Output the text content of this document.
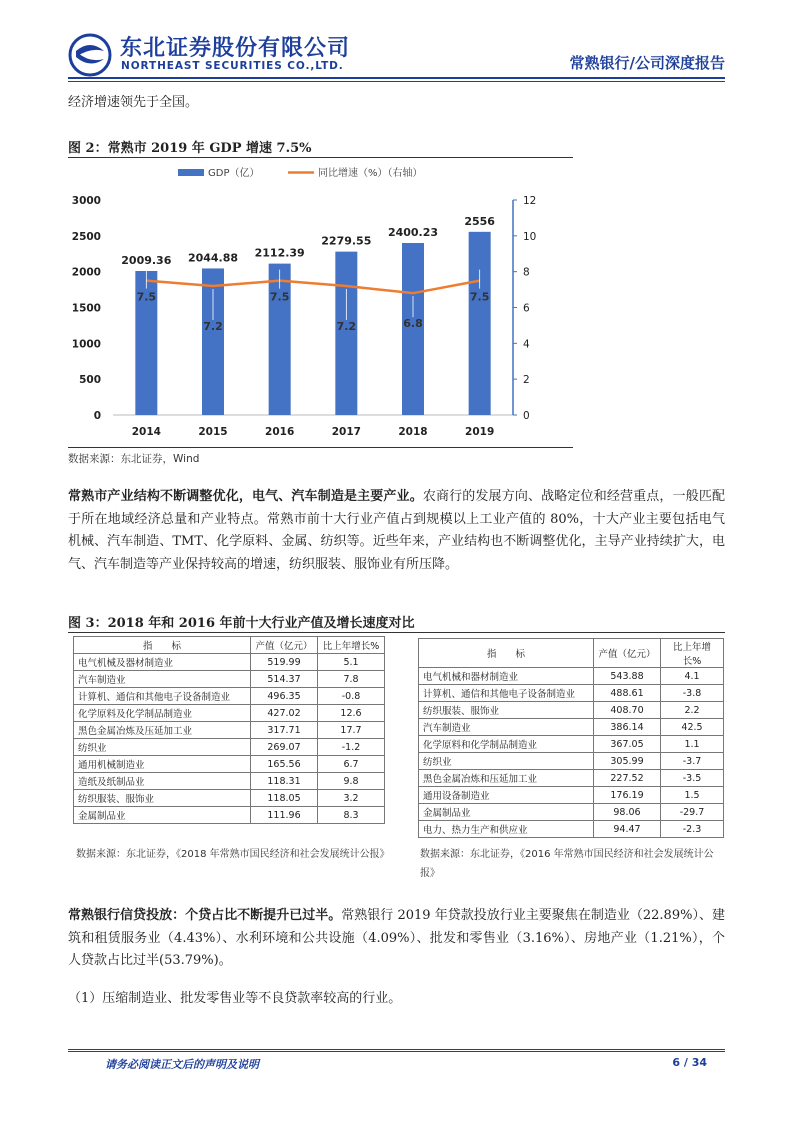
东北证券股份有限公司
NORTHEAST SECURITIES CO.,LTD.	常熟银行/公司深度报告
经济增速领先于全国。
图 2：常熟市 2019 年 GDP 增速 7.5%
GDP（亿）	同比增速（%）（右轴）
0
500
1000
1500
2000
2500
3000
0
2
4
6
8
10
12
2014	2015	2016	2017	2018	2019
2009.36 2044.88 2112.39
2279.55
2400.23
2556
7.5
7.2
7.5
7.2	6.8
7.5
数据来源：东北证券，Wind
常熟市产业结构不断调整优化，电气、汽车制造是主要产业。农商行的发展方向、战略定位和经营重点，一般匹配于所在地域经济总量和产业特点。常熟市前十大行业产值占到规模以上工业产值的 80%，十大产业主要包括电气机械、汽车制造、TMT、化学原料、金属、纺织等。近些年来，产业结构也不断调整优化，主导产业持续扩大，电气、汽车制造等产业保持较高的增速，纺织服装、服饰业有所压降。
图 3：2018 年和 2016 年前十大行业产值及增长速度对比
指　　标	产值（亿元）	比上年增长%
电气机械及器材制造业	519.99	5.1
汽车制造业	514.37	7.8
计算机、通信和其他电子设备制造业	496.35	-0.8
化学原料及化学制品制造业	427.02	12.6
黑色金属冶炼及压延加工业	317.71	17.7
纺织业	269.07	-1.2
通用机械制造业	165.56	6.7
造纸及纸制品业	118.31	9.8
纺织服装、服饰业	118.05	3.2
金属制品业	111.96	8.3
指　　标	产值（亿元）	比上年增长%
电气机械和器材制造业	543.88	4.1
计算机、通信和其他电子设备制造业	488.61	-3.8
纺织服装、服饰业	408.70	2.2
汽车制造业	386.14	42.5
化学原料和化学制品制造业	367.05	1.1
纺织业	305.99	-3.7
黑色金属冶炼和压延加工业	227.52	-3.5
通用设备制造业	176.19	1.5
金属制品业	98.06	-29.7
电力、热力生产和供应业	94.47	-2.3
数据来源：东北证券，《2018 年常熟市国民经济和社会发展统计公报》	数据来源：东北证券，《2016 年常熟市国民经济和社会发展统计公报》
常熟银行信贷投放：个贷占比不断提升已过半。常熟银行 2019 年贷款投放行业主要聚焦在制造业（22.89%）、建筑和租赁服务业（4.43%）、水利环境和公共设施（4.09%）、批发和零售业（3.16%）、房地产业（1.21%），个人贷款占比过半(53.79%)。
（1）压缩制造业、批发零售业等不良贷款率较高的行业。
请务必阅读正文后的声明及说明	6 / 34
